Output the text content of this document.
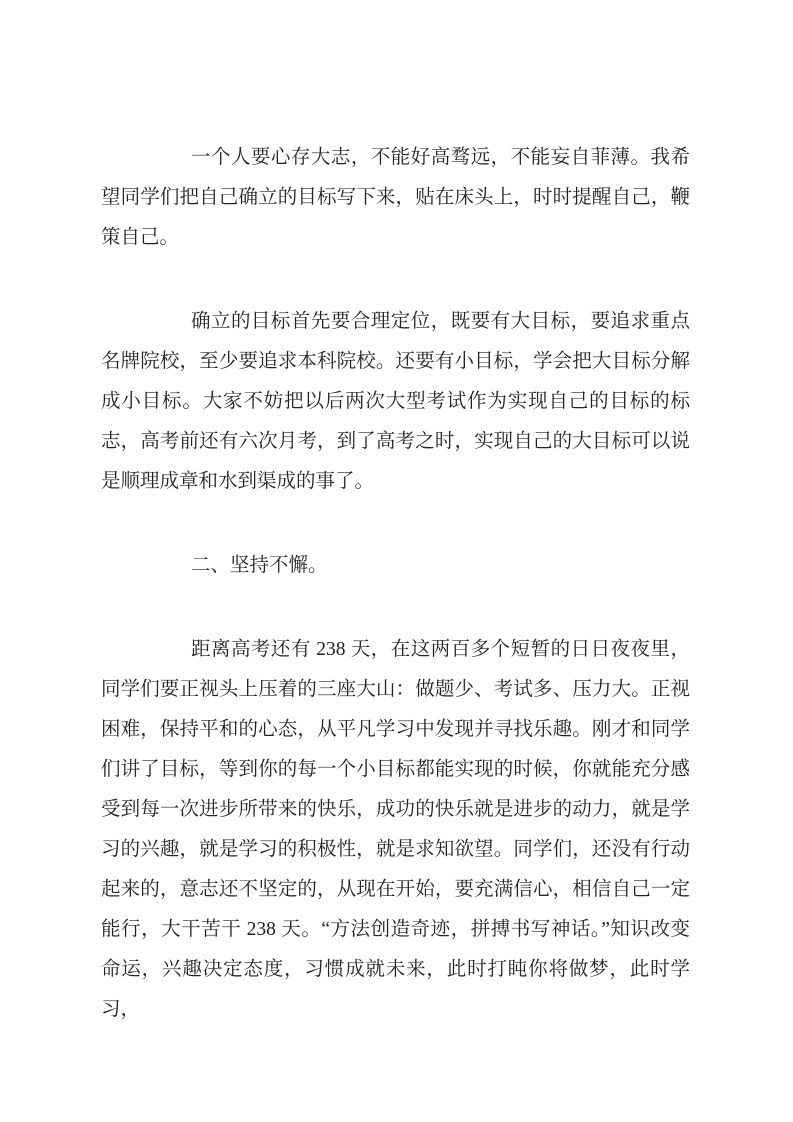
一个人要心存大志，不能好高骛远，不能妄自菲薄。我希望同学们把自己确立的目标写下来，贴在床头上，时时提醒自己，鞭策自己。

确立的目标首先要合理定位，既要有大目标，要追求重点名牌院校，至少要追求本科院校。还要有小目标，学会把大目标分解成小目标。大家不妨把以后两次大型考试作为实现自己的目标的标志，高考前还有六次月考，到了高考之时，实现自己的大目标可以说是顺理成章和水到渠成的事了。

二、坚持不懈。

距离高考还有 238 天，在这两百多个短暂的日日夜夜里，同学们要正视头上压着的三座大山：做题少、考试多、压力大。正视困难，保持平和的心态，从平凡学习中发现并寻找乐趣。刚才和同学们讲了目标，等到你的每一个小目标都能实现的时候，你就能充分感受到每一次进步所带来的快乐，成功的快乐就是进步的动力，就是学习的兴趣，就是学习的积极性，就是求知欲望。同学们，还没有行动起来的，意志还不坚定的，从现在开始，要充满信心，相信自己一定能行，大干苦干 238 天。“方法创造奇迹，拼搏书写神话。”知识改变命运，兴趣决定态度，习惯成就未来，此时打盹你将做梦，此时学习，
